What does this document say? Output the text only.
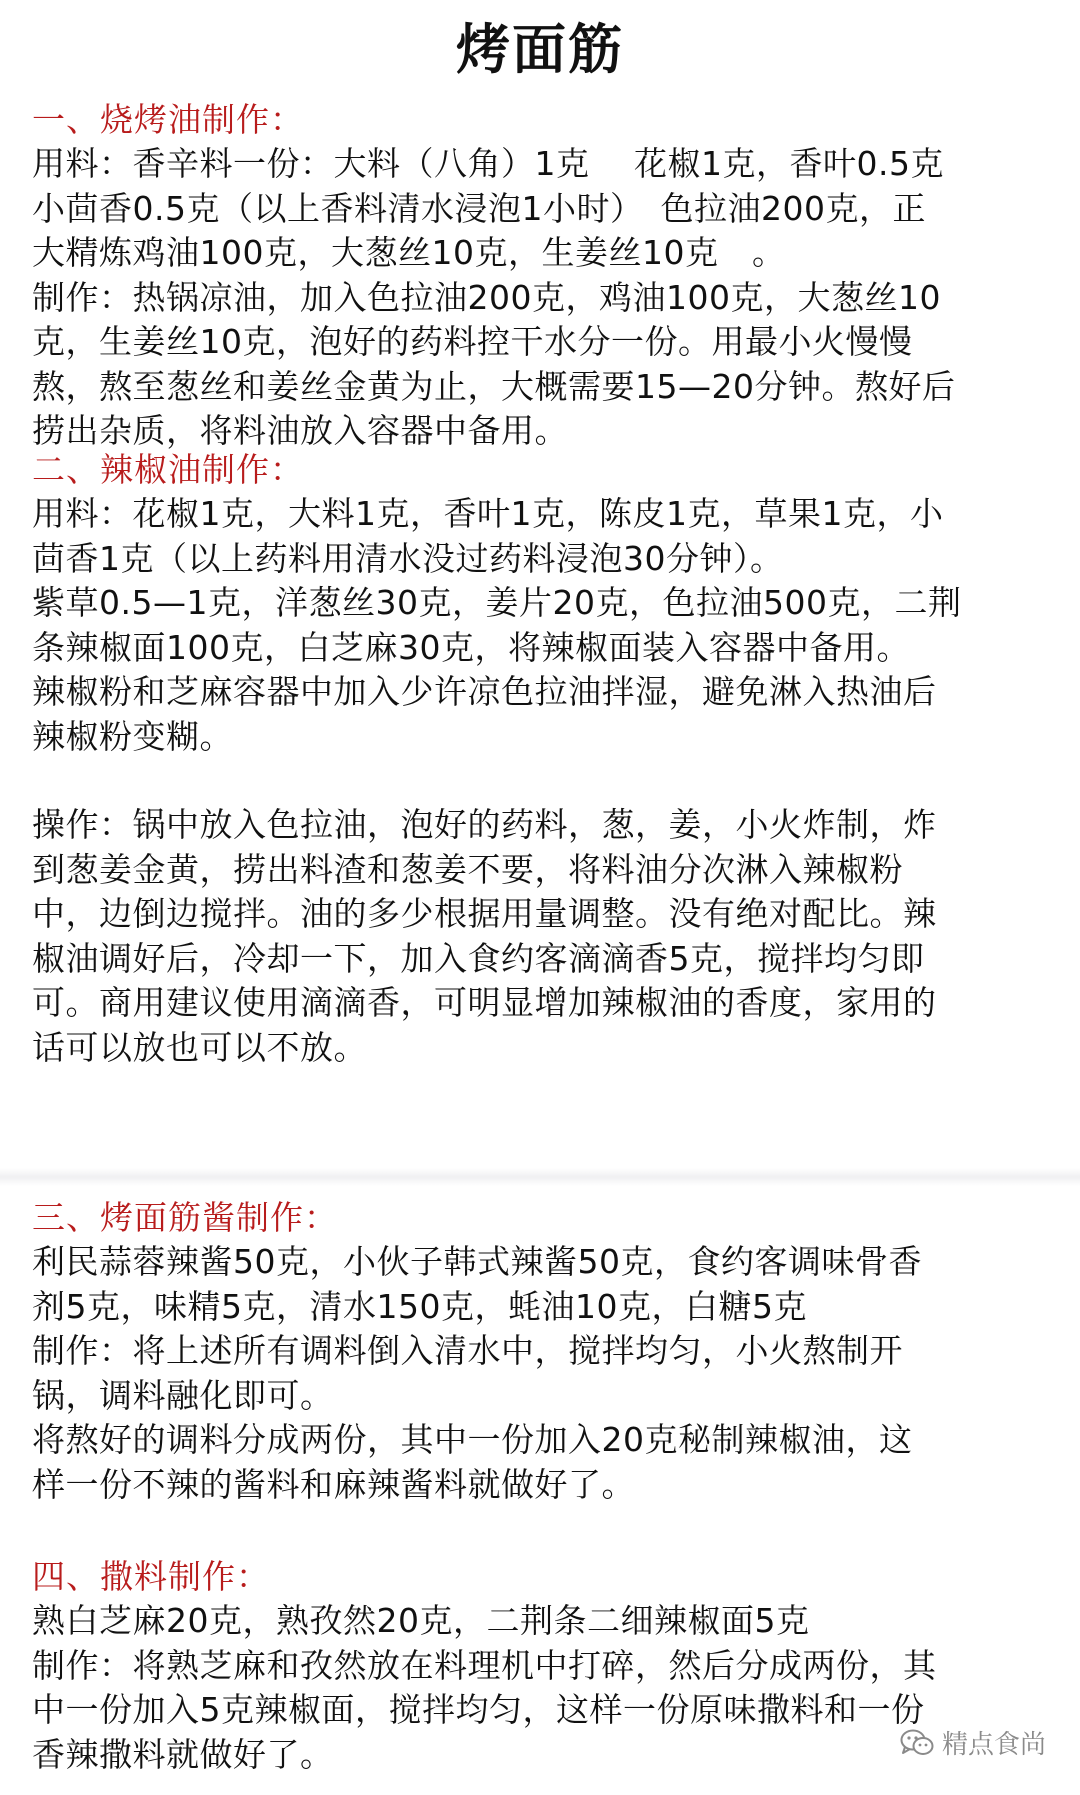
烤面筋
一、烧烤油制作：
用料：香辛料一份：大料（八角）1克　 花椒1克，香叶0.5克
小茴香0.5克（以上香料清水浸泡1小时）　色拉油200克，正
大精炼鸡油100克，大葱丝10克，生姜丝10克　。
制作：热锅凉油，加入色拉油200克，鸡油100克，大葱丝10
克，生姜丝10克，泡好的药料控干水分一份。用最小火慢慢
熬，熬至葱丝和姜丝金黄为止，大概需要15—20分钟。熬好后
捞出杂质，将料油放入容器中备用。
二、辣椒油制作：
用料：花椒1克，大料1克，香叶1克，陈皮1克，草果1克，小
茴香1克（以上药料用清水没过药料浸泡30分钟）。
紫草0.5—1克，洋葱丝30克，姜片20克，色拉油500克，二荆
条辣椒面100克，白芝麻30克，将辣椒面装入容器中备用。
辣椒粉和芝麻容器中加入少许凉色拉油拌湿，避免淋入热油后
辣椒粉变糊。
操作：锅中放入色拉油，泡好的药料，葱，姜，小火炸制，炸
到葱姜金黄，捞出料渣和葱姜不要，将料油分次淋入辣椒粉
中，边倒边搅拌。油的多少根据用量调整。没有绝对配比。辣
椒油调好后，冷却一下，加入食约客滴滴香5克，搅拌均匀即
可。商用建议使用滴滴香，可明显增加辣椒油的香度，家用的
话可以放也可以不放。
三、烤面筋酱制作：
利民蒜蓉辣酱50克，小伙子韩式辣酱50克，食约客调味骨香
剂5克，味精5克，清水150克，蚝油10克，白糖5克
制作：将上述所有调料倒入清水中，搅拌均匀，小火熬制开
锅，调料融化即可。
将熬好的调料分成两份，其中一份加入20克秘制辣椒油，这
样一份不辣的酱料和麻辣酱料就做好了。
四、撒料制作：
熟白芝麻20克，熟孜然20克，二荆条二细辣椒面5克
制作：将熟芝麻和孜然放在料理机中打碎，然后分成两份，其
中一份加入5克辣椒面，搅拌均匀，这样一份原味撒料和一份
香辣撒料就做好了。	精点食尚
